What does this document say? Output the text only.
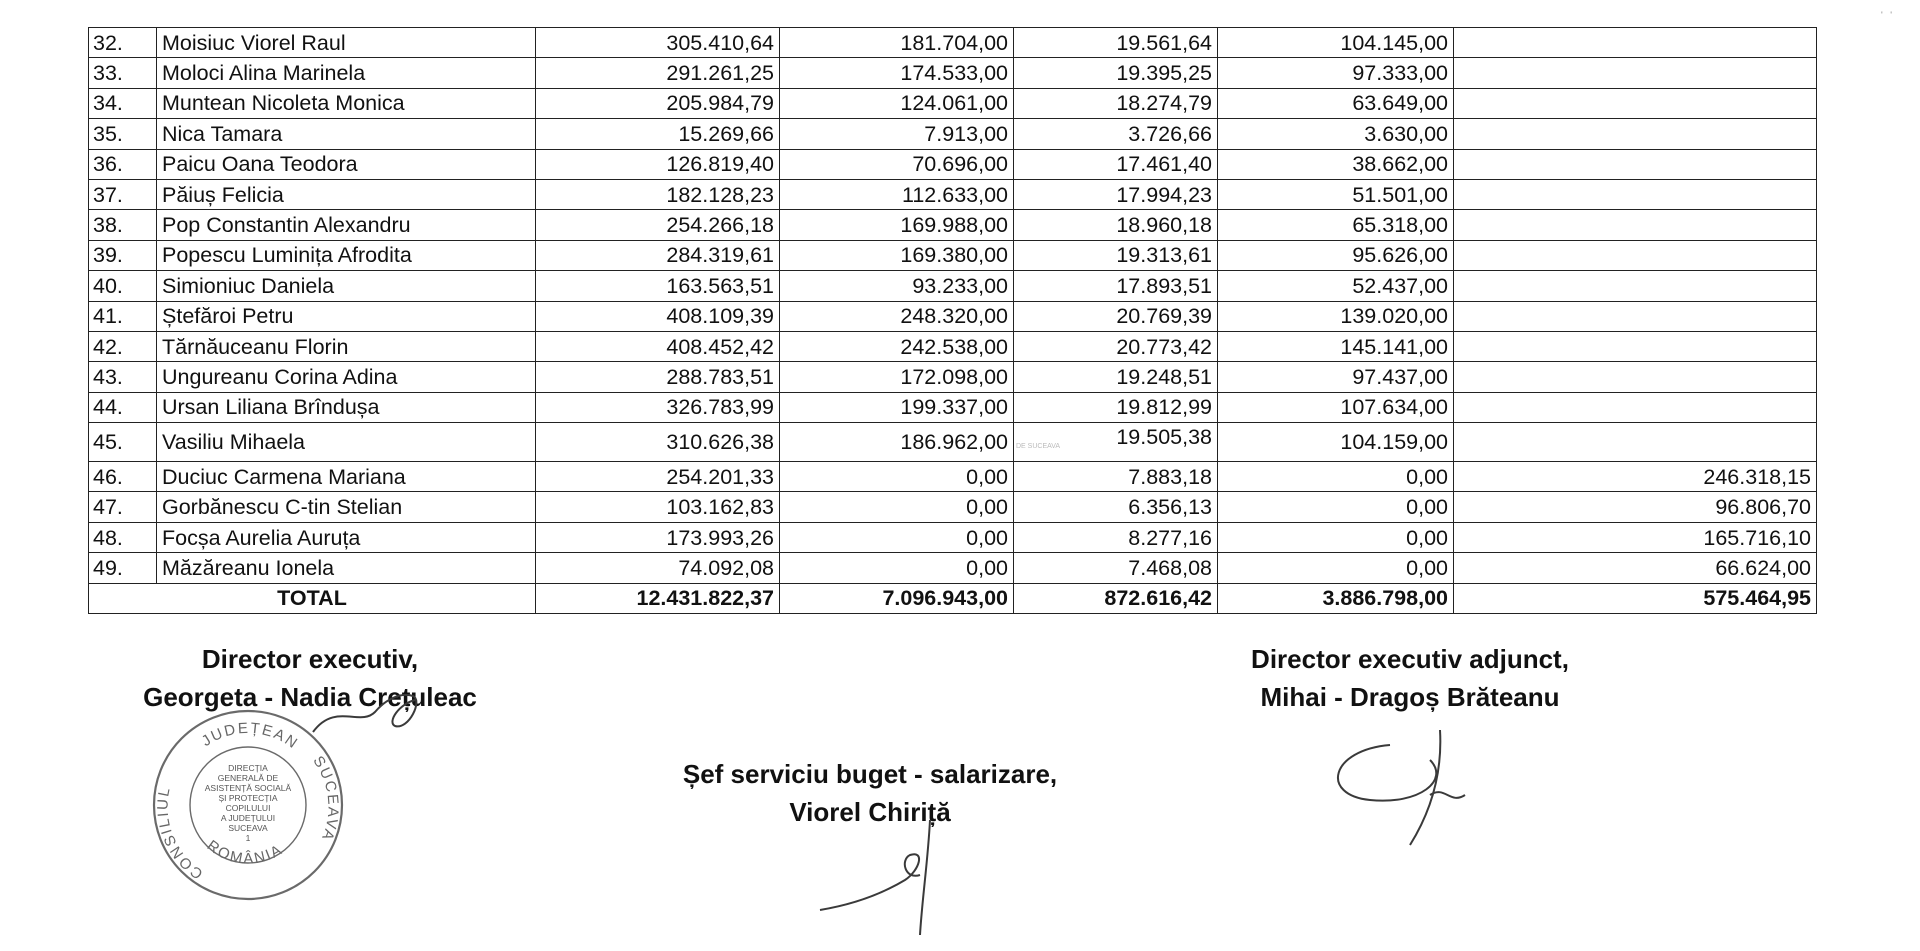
32.	Moisiuc Viorel Raul	305.410,64	181.704,00	19.561,64	104.145,00	
33.	Moloci Alina Marinela	291.261,25	174.533,00	19.395,25	97.333,00	
34.	Muntean Nicoleta Monica	205.984,79	124.061,00	18.274,79	63.649,00	
35.	Nica Tamara	15.269,66	7.913,00	3.726,66	3.630,00	
36.	Paicu Oana Teodora	126.819,40	70.696,00	17.461,40	38.662,00	
37.	Păiuș Felicia	182.128,23	112.633,00	17.994,23	51.501,00	
38.	Pop Constantin Alexandru	254.266,18	169.988,00	18.960,18	65.318,00	
39.	Popescu Luminița Afrodita	284.319,61	169.380,00	19.313,61	95.626,00	
40.	Simioniuc Daniela	163.563,51	93.233,00	17.893,51	52.437,00	
41.	Ștefăroi Petru	408.109,39	248.320,00	20.769,39	139.020,00	
42.	Tărnăuceanu Florin	408.452,42	242.538,00	20.773,42	145.141,00	
43.	Ungureanu Corina Adina	288.783,51	172.098,00	19.248,51	97.437,00	
44.	Ursan Liliana Brîndușa	326.783,99	199.337,00	19.812,99	107.634,00	
45.	Vasiliu Mihaela	310.626,38	186.962,00	DE SUCEAVA 19.505,38	104.159,00	
46.	Duciuc Carmena Mariana	254.201,33	0,00	7.883,18	0,00	246.318,15
47.	Gorbănescu C-tin Stelian	103.162,83	0,00	6.356,13	0,00	96.806,70
48.	Focșa Aurelia Auruța	173.993,26	0,00	8.277,16	0,00	165.716,10
49.	Măzăreanu Ionela	74.092,08	0,00	7.468,08	0,00	66.624,00
TOTAL		12.431.822,37	7.096.943,00	872.616,42	3.886.798,00	575.464,95
Director executiv,
Georgeta - Nadia Crețuleac
Șef serviciu buget - salarizare,
Viorel Chiriță
Director executiv adjunct,
Mihai - Dragoș Brăteanu
JUDEȚEAN
CONSILIUL
SUCEAVA
ROMÂNIA
DIRECȚIA
GENERALĂ DE
ASISTENȚĂ SOCIALĂ
ȘI PROTECȚIA
COPILULUI
A JUDEȚULUI
SUCEAVA
1
'   '
